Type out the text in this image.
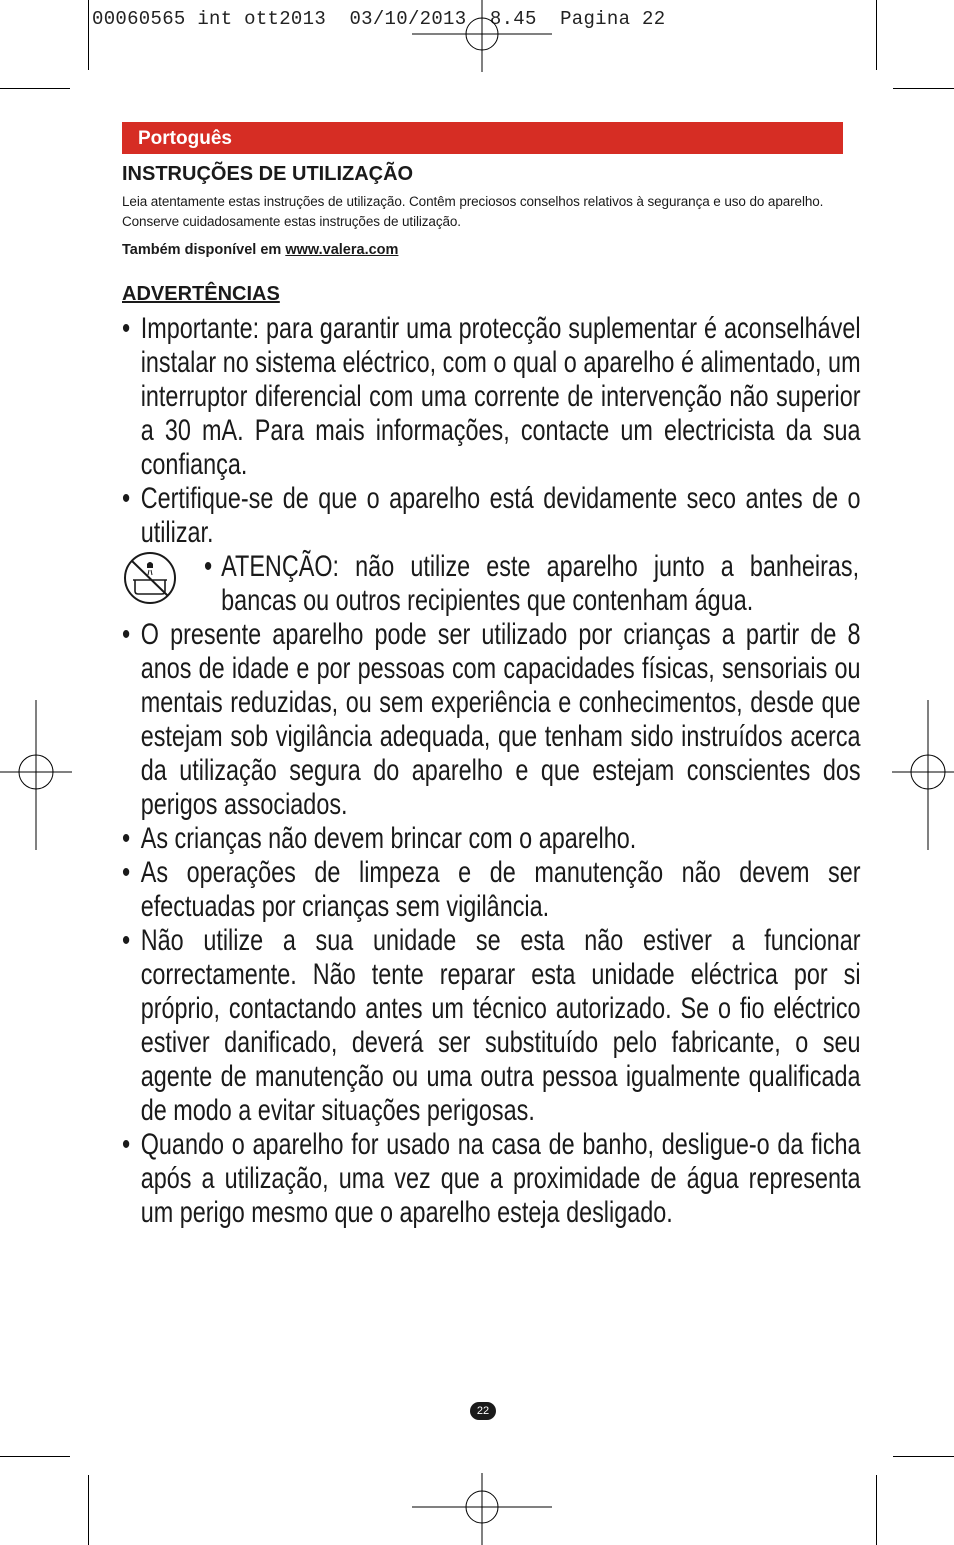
00060565 int ott2013  03/10/2013  8.45  Pagina 22
Portoguês
INSTRUÇÕES DE UTILIZAÇÃO

Leia atentamente estas instruções de utilização. Contêm preciosos conselhos relativos à segurança e uso do aparelho. Conserve cuidadosamente estas instruções de utilização.

Também disponível em www.valera.com

ADVERTÊNCIAS
• Importante: para garantir uma protecção suplementar é aconselhável instalar no sistema eléctrico, com o qual o aparelho é alimentado, um interruptor diferencial com uma corrente de intervenção não superior a 30 mA. Para mais informações, contacte um electricista da sua confiança.
• Certifique-se de que o aparelho está devidamente seco antes de o utilizar.
• ATENÇÃO: não utilize este aparelho junto a banheiras, bancas ou outros recipientes que contenham água.
• O presente aparelho pode ser utilizado por crianças a partir de 8 anos de idade e por pessoas com capacidades físicas, sensoriais ou mentais reduzidas, ou sem experiência e conhecimentos, desde que estejam sob vigilância adequada, que tenham sido instruídos acerca da utilização segura do aparelho e que estejam conscientes dos perigos associados.
• As crianças não devem brincar com o aparelho.
• As operações de limpeza e de manutenção não devem ser efectuadas por crianças sem vigilância.
• Não utilize a sua unidade se esta não estiver a funcionar correctamente. Não tente reparar esta unidade eléctrica por si próprio, contactando antes um técnico autorizado. Se o fio eléctrico estiver danificado, deverá ser substituído pelo fabricante, o seu agente de manutenção ou uma outra pessoa igualmente qualificada de modo a evitar situações perigosas.
• Quando o aparelho for usado na casa de banho, desligue-o da ficha após a utilização, uma vez que a proximidade de água representa um perigo mesmo que o aparelho esteja desligado.
22
